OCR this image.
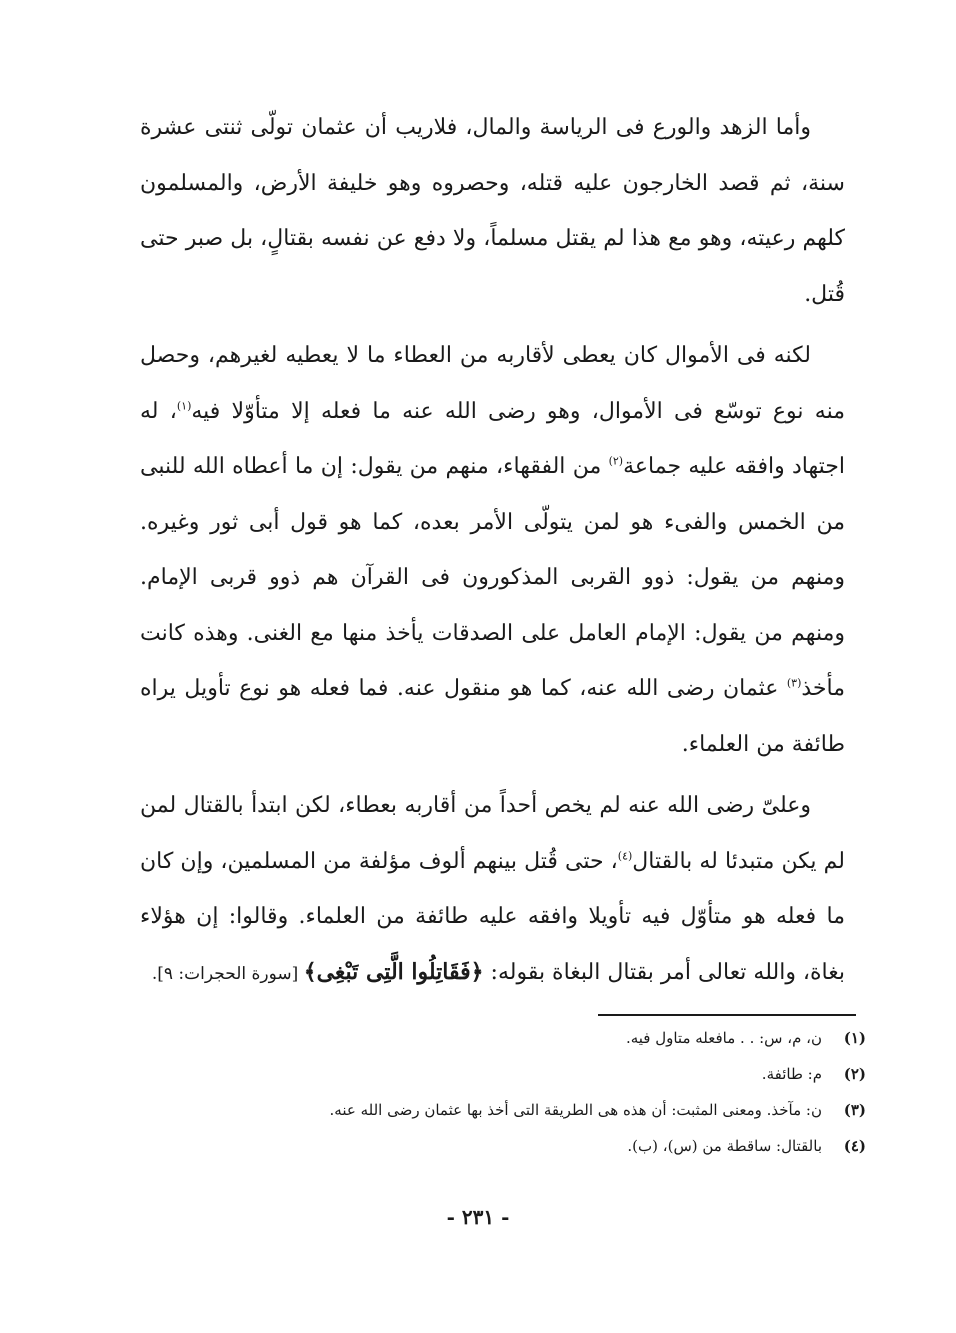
وأما الزهد والورع فى الرياسة والمال، فلاريب أن عثمان تولّى ثنتى عشرة سنة، ثم قصد الخارجون عليه قتله، وحصروه وهو خليفة الأرض، والمسلمون كلهم رعيته، وهو مع هذا لم يقتل مسلماً، ولا دفع عن نفسه بقتالٍ، بل صبر حتى قُتل.

لكنه فى الأموال كان يعطى لأقاربه من العطاء ما لا يعطيه لغيرهم، وحصل منه نوع توسّع فى الأموال، وهو رضى الله عنه ما فعله إلا متأوّلا فيه$^{(١)}$، له اجتهاد وافقه عليه جماعة$^{(٢)}$ من الفقهاء، منهم من يقول: إن ما أعطاه الله للنبى من الخمس والفىء هو لمن يتولّى الأمر بعده، كما هو قول أبى ثور وغيره. ومنهم من يقول: ذوو القربى المذكورون فى القرآن هم ذوو قربى الإمام. ومنهم من يقول: الإمام العامل على الصدقات يأخذ منها مع الغنى. وهذه كانت مأخذ$^{(٣)}$ عثمان رضى الله عنه، كما هو منقول عنه. فما فعله هو نوع تأويل يراه طائفة من العلماء.

وعلىّ رضى الله عنه لم يخص أحداً من أقاربه بعطاء، لكن ابتدأ بالقتال لمن لم يكن متبدئا له بالقتال$^{(٤)}$، حتى قُتل بينهم ألوف مؤلفة من المسلمين، وإن كان ما فعله هو متأوّل فيه تأويلا وافقه عليه طائفة من العلماء. وقالوا: إن هؤلاء بغاة، والله تعالى أمر بقتال البغاة بقوله: ﴿فَقَاتِلُوا الَّتِى تَبْغِى﴾ [سورة الحجرات: ٩].

(١)ن، م، س: . . مافعله متاول فيه.
(٢)م: طائفة.
(٣)ن: مآخذ. ومعنى المثبت: أن هذه هى الطريقة التى أخذ بها عثمان رضى الله عنه.
(٤)بالقتال: ساقطة من (س)، (ب).
- ٢٣١ -
